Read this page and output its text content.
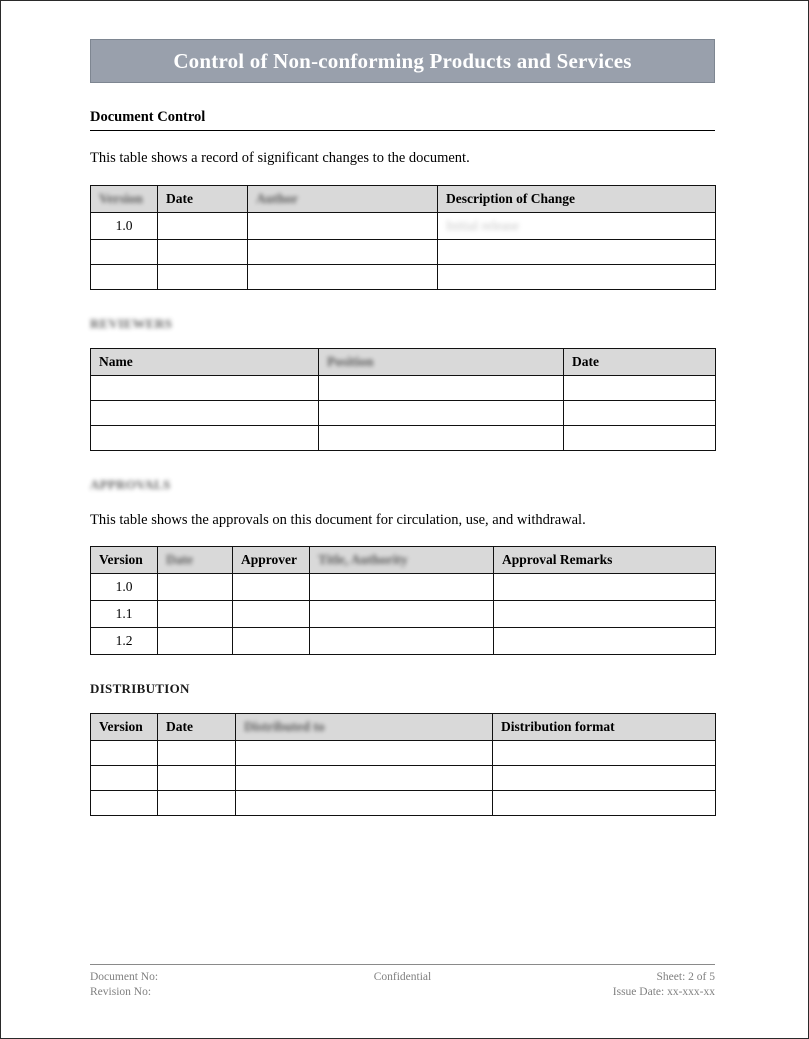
Control of Non-conforming Products and Services
Document Control
This table shows a record of significant changes to the document.
Version	Date	Author	Description of Change
1.0			Initial release

REVIEWERS
Name	Position	Date

APPROVALS
This table shows the approvals on this document for circulation, use, and withdrawal.
Version	Date	Approver	Title, Authority	Approval Remarks
1.0				
1.1				
1.2				
DISTRIBUTION
Version	Date	Distributed to	Distribution format

Document No:	Confidential	Sheet: 2 of 5
Revision No:	Issue Date: xx-xxx-xx
